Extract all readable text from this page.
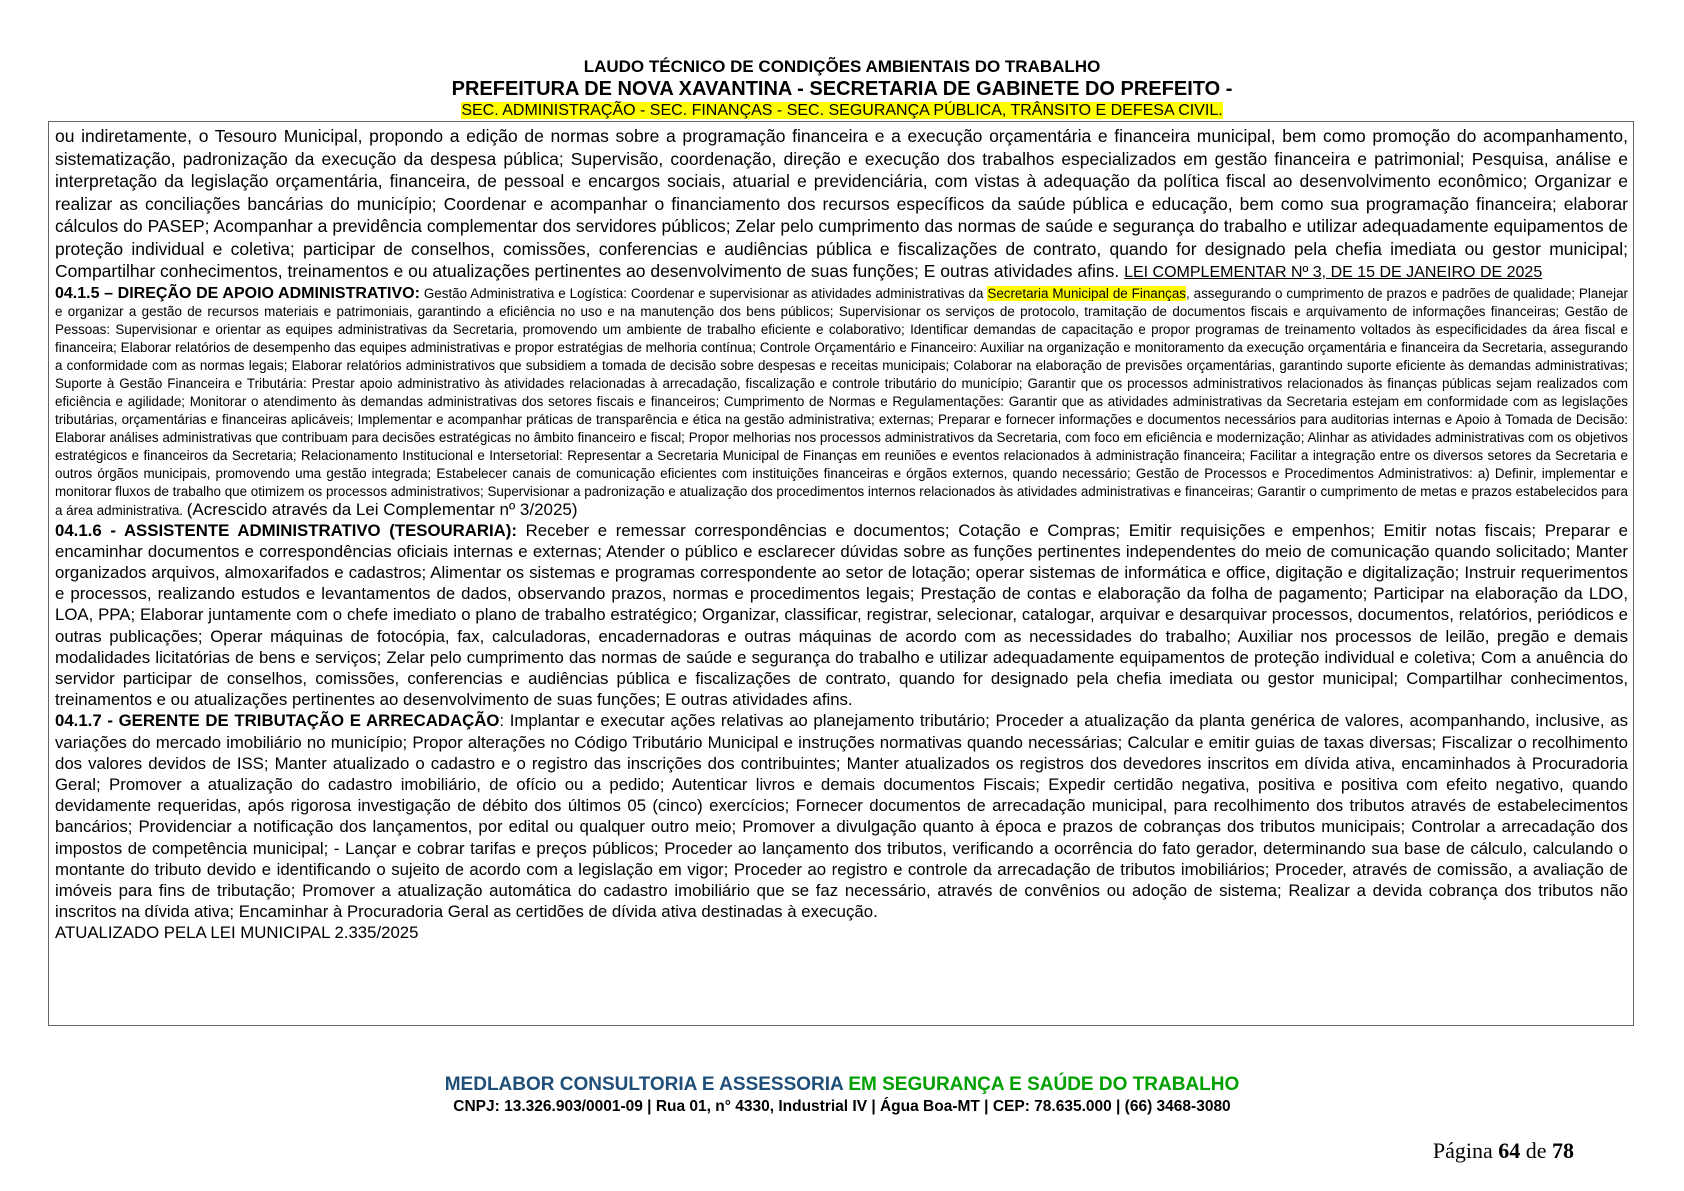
LAUDO TÉCNICO DE CONDIÇÕES AMBIENTAIS DO TRABALHO
PREFEITURA DE NOVA XAVANTINA - SECRETARIA DE GABINETE DO PREFEITO -
SEC. ADMINISTRAÇÃO - SEC. FINANÇAS - SEC. SEGURANÇA PÚBLICA, TRÂNSITO E DEFESA CIVIL.

ou indiretamente, o Tesouro Municipal, propondo a edição de normas sobre a programação financeira e a execução orçamentária e financeira municipal, bem como promoção do acompanhamento, sistematização, padronização da execução da despesa pública; Supervisão, coordenação, direção e execução dos trabalhos especializados em gestão financeira e patrimonial; Pesquisa, análise e interpretação da legislação orçamentária, financeira, de pessoal e encargos sociais, atuarial e previdenciária, com vistas à adequação da política fiscal ao desenvolvimento econômico; Organizar e realizar as conciliações bancárias do município; Coordenar e acompanhar o financiamento dos recursos específicos da saúde pública e educação, bem como sua programação financeira; elaborar cálculos do PASEP; Acompanhar a previdência complementar dos servidores públicos; Zelar pelo cumprimento das normas de saúde e segurança do trabalho e utilizar adequadamente equipamentos de proteção individual e coletiva; participar de conselhos, comissões, conferencias e audiências pública e fiscalizações de contrato, quando for designado pela chefia imediata ou gestor municipal; Compartilhar conhecimentos, treinamentos e ou atualizações pertinentes ao desenvolvimento de suas funções; E outras atividades afins. LEI COMPLEMENTAR Nº 3, DE 15 DE JANEIRO DE 2025

04.1.5 – DIREÇÃO DE APOIO ADMINISTRATIVO: Gestão Administrativa e Logística: Coordenar e supervisionar as atividades administrativas da Secretaria Municipal de Finanças, assegurando o cumprimento de prazos e padrões de qualidade; Planejar e organizar a gestão de recursos materiais e patrimoniais, garantindo a eficiência no uso e na manutenção dos bens públicos; Supervisionar os serviços de protocolo, tramitação de documentos fiscais e arquivamento de informações financeiras; Gestão de Pessoas: Supervisionar e orientar as equipes administrativas da Secretaria, promovendo um ambiente de trabalho eficiente e colaborativo; Identificar demandas de capacitação e propor programas de treinamento voltados às especificidades da área fiscal e financeira; Elaborar relatórios de desempenho das equipes administrativas e propor estratégias de melhoria contínua; Controle Orçamentário e Financeiro: Auxiliar na organização e monitoramento da execução orçamentária e financeira da Secretaria, assegurando a conformidade com as normas legais; Elaborar relatórios administrativos que subsidiem a tomada de decisão sobre despesas e receitas municipais; Colaborar na elaboração de previsões orçamentárias, garantindo suporte eficiente às demandas administrativas; Suporte à Gestão Financeira e Tributária: Prestar apoio administrativo às atividades relacionadas à arrecadação, fiscalização e controle tributário do município; Garantir que os processos administrativos relacionados às finanças públicas sejam realizados com eficiência e agilidade; Monitorar o atendimento às demandas administrativas dos setores fiscais e financeiros; Cumprimento de Normas e Regulamentações: Garantir que as atividades administrativas da Secretaria estejam em conformidade com as legislações tributárias, orçamentárias e financeiras aplicáveis; Implementar e acompanhar práticas de transparência e ética na gestão administrativa; externas; Preparar e fornecer informações e documentos necessários para auditorias internas e Apoio à Tomada de Decisão: Elaborar análises administrativas que contribuam para decisões estratégicas no âmbito financeiro e fiscal; Propor melhorias nos processos administrativos da Secretaria, com foco em eficiência e modernização; Alinhar as atividades administrativas com os objetivos estratégicos e financeiros da Secretaria; Relacionamento Institucional e Intersetorial: Representar a Secretaria Municipal de Finanças em reuniões e eventos relacionados à administração financeira; Facilitar a integração entre os diversos setores da Secretaria e outros órgãos municipais, promovendo uma gestão integrada; Estabelecer canais de comunicação eficientes com instituições financeiras e órgãos externos, quando necessário; Gestão de Processos e Procedimentos Administrativos: a) Definir, implementar e monitorar fluxos de trabalho que otimizem os processos administrativos; Supervisionar a padronização e atualização dos procedimentos internos relacionados às atividades administrativas e financeiras; Garantir o cumprimento de metas e prazos estabelecidos para a área administrativa. (Acrescido através da Lei Complementar nº 3/2025)

04.1.6 - ASSISTENTE ADMINISTRATIVO (TESOURARIA): Receber e remessar correspondências e documentos; Cotação e Compras; Emitir requisições e empenhos; Emitir notas fiscais; Preparar e encaminhar documentos e correspondências oficiais internas e externas; Atender o público e esclarecer dúvidas sobre as funções pertinentes independentes do meio de comunicação quando solicitado; Manter organizados arquivos, almoxarifados e cadastros; Alimentar os sistemas e programas correspondente ao setor de lotação; operar sistemas de informática e office, digitação e digitalização; Instruir requerimentos e processos, realizando estudos e levantamentos de dados, observando prazos, normas e procedimentos legais; Prestação de contas e elaboração da folha de pagamento; Participar na elaboração da LDO, LOA, PPA; Elaborar juntamente com o chefe imediato o plano de trabalho estratégico; Organizar, classificar, registrar, selecionar, catalogar, arquivar e desarquivar processos, documentos, relatórios, periódicos e outras publicações; Operar máquinas de fotocópia, fax, calculadoras, encadernadoras e outras máquinas de acordo com as necessidades do trabalho; Auxiliar nos processos de leilão, pregão e demais modalidades licitatórias de bens e serviços; Zelar pelo cumprimento das normas de saúde e segurança do trabalho e utilizar adequadamente equipamentos de proteção individual e coletiva; Com a anuência do servidor participar de conselhos, comissões, conferencias e audiências pública e fiscalizações de contrato, quando for designado pela chefia imediata ou gestor municipal; Compartilhar conhecimentos, treinamentos e ou atualizações pertinentes ao desenvolvimento de suas funções; E outras atividades afins.

04.1.7 - GERENTE DE TRIBUTAÇÃO E ARRECADAÇÃO: Implantar e executar ações relativas ao planejamento tributário; Proceder a atualização da planta genérica de valores, acompanhando, inclusive, as variações do mercado imobiliário no município; Propor alterações no Código Tributário Municipal e instruções normativas quando necessárias; Calcular e emitir guias de taxas diversas; Fiscalizar o recolhimento dos valores devidos de ISS; Manter atualizado o cadastro e o registro das inscrições dos contribuintes; Manter atualizados os registros dos devedores inscritos em dívida ativa, encaminhados à Procuradoria Geral; Promover a atualização do cadastro imobiliário, de ofício ou a pedido; Autenticar livros e demais documentos Fiscais; Expedir certidão negativa, positiva e positiva com efeito negativo, quando devidamente requeridas, após rigorosa investigação de débito dos últimos 05 (cinco) exercícios; Fornecer documentos de arrecadação municipal, para recolhimento dos tributos através de estabelecimentos bancários; Providenciar a notificação dos lançamentos, por edital ou qualquer outro meio; Promover a divulgação quanto à época e prazos de cobranças dos tributos municipais; Controlar a arrecadação dos impostos de competência municipal; - Lançar e cobrar tarifas e preços públicos; Proceder ao lançamento dos tributos, verificando a ocorrência do fato gerador, determinando sua base de cálculo, calculando o montante do tributo devido e identificando o sujeito de acordo com a legislação em vigor; Proceder ao registro e controle da arrecadação de tributos imobiliários; Proceder, através de comissão, a avaliação de imóveis para fins de tributação; Promover a atualização automática do cadastro imobiliário que se faz necessário, através de convênios ou adoção de sistema; Realizar a devida cobrança dos tributos não inscritos na dívida ativa; Encaminhar à Procuradoria Geral as certidões de dívida ativa destinadas à execução.
ATUALIZADO PELA LEI MUNICIPAL 2.335/2025

MEDLABOR CONSULTORIA E ASSESSORIA EM SEGURANÇA E SAÚDE DO TRABALHO
CNPJ: 13.326.903/0001-09 | Rua 01, n° 4330, Industrial IV | Água Boa-MT | CEP: 78.635.000 | (66) 3468-3080
Página 64 de 78
